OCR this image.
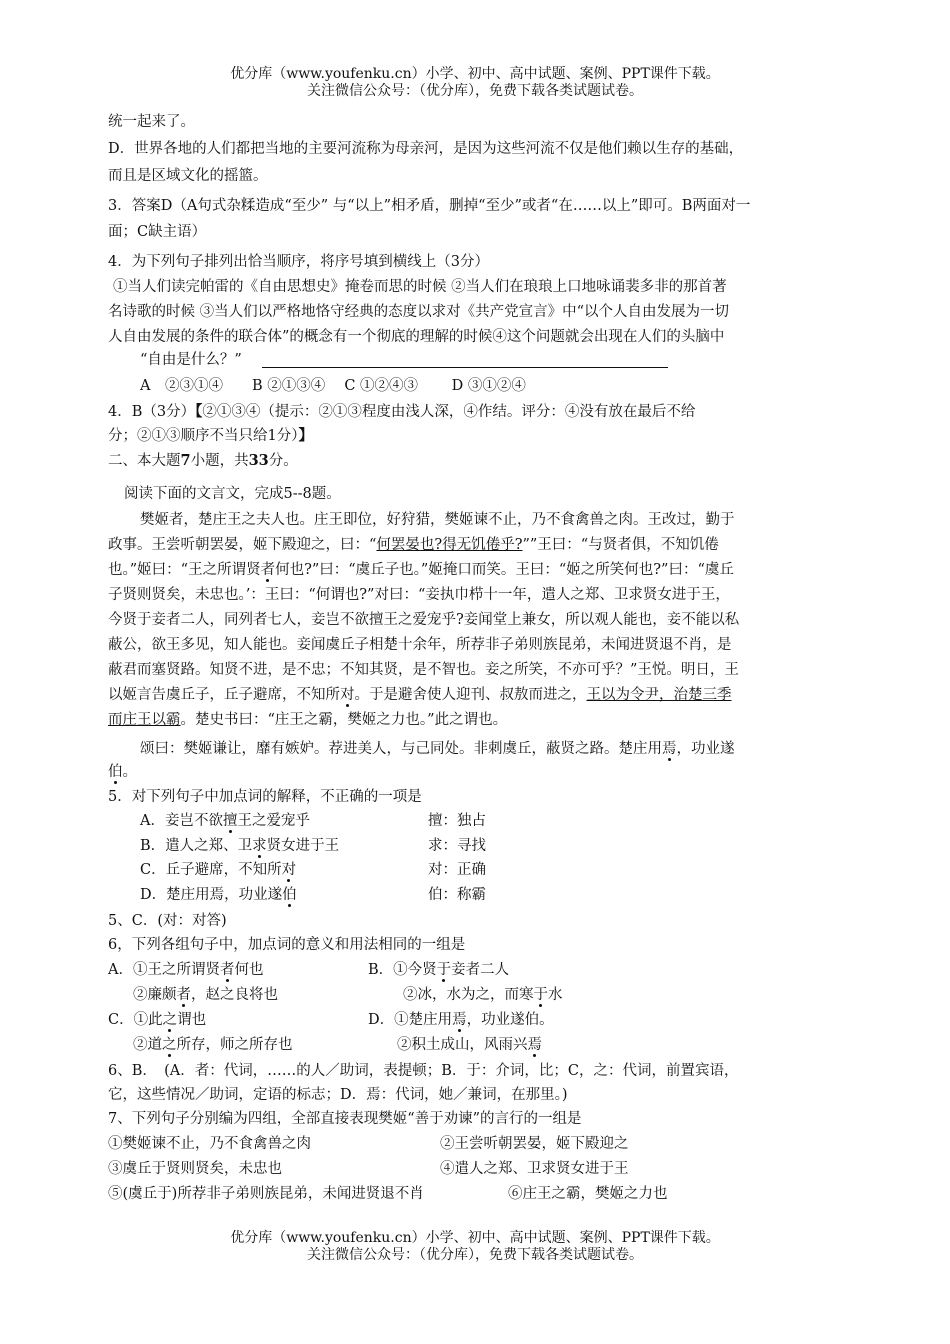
优分库（www.youfenku.cn）小学、初中、高中试题、案例、PPT课件下载。
关注微信公众号：（优分库），免费下载各类试题试卷。
统一起来了。
D．世界各地的人们都把当地的主要河流称为母亲河，是因为这些河流不仅是他们赖以生存的基础，
而且是区域文化的摇篮。
3．答案D（A句式杂糅造成“至少” 与“以上”相矛盾，删掉“至少”或者“在……以上”即可。B两面对一
面；C缺主语）
4．为下列句子排列出恰当顺序，将序号填到横线上（3分）
①当人们读完帕雷的《自由思想史》掩卷而思的时候 ②当人们在琅琅上口地咏诵裴多非的那首著
名诗歌的时候 ③当人们以严格地恪守经典的态度以求对《共产党宣言》中“以个人自由发展为一切
人自由发展的条件的联合体”的概念有一个彻底的理解的时候④这个问题就会出现在人们的头脑中
“自由是什么？”
A　②③①④　　B ②①③④　 C ①②④③　　 D ③①②④
4．B（3分）【②①③④（提示：②①③程度由浅人深，④作结。评分：④没有放在最后不给
分；②①③顺序不当只给1分）】
二、本大题7小题，共33分。
阅读下面的文言文，完成5--8题。
樊姬者，楚庄王之夫人也。庄王即位，好狩猎，樊姬谏不止，乃不食禽兽之肉。王改过，勤于
政事。王尝听朝罢晏，姬下殿迎之，曰：“何罢晏也?得无饥倦乎?””王曰：“与贤者俱，不知饥倦
也。”姬曰：“王之所谓贤者何也?”曰：“虞丘子也。”姬掩口而笑。王曰：“姬之所笑何也?”曰：“虞丘
子贤则贤矣，未忠也。’：王曰：“何谓也?”对曰：“妾执巾栉十一年，遣人之郑、卫求贤女进于王，
今贤于妾者二人，同列者七人，妾岂不欲擅王之爱宠乎?妾闻堂上兼女，所以观人能也，妾不能以私
蔽公，欲王多见，知人能也。妾闻虞丘子相楚十余年，所荐非子弟则族昆弟，未闻进贤退不肖，是
蔽君而塞贤路。知贤不进，是不忠；不知其贤，是不智也。妾之所笑，不亦可乎？”王悦。明日，王
以姬言告虞丘子，丘子避席，不知所对。于是避舍使人迎刊、叔敖而进之，王以为令尹，治楚三季
而庄王以霸。楚史书曰：“庄王之霸，樊姬之力也。”此之谓也。
颂曰：樊姬谦让，靡有嫉妒。荐进美人，与己同处。非刺虞丘，蔽贤之路。楚庄用焉，功业遂
伯。
5．对下列句子中加点词的解释，不正确的一项是
A．妾岂不欲擅王之爱宠乎	擅：独占
B．遣人之郑、卫求贤女进于王	求：寻找
C．丘子避席，不知所对	对：正确
D．楚庄用焉，功业遂伯	伯：称霸
5、C．(对：对答)
6，下列各组句子中，加点词的意义和用法相同的一组是
A．①王之所谓贤者何也	B．①今贤于妾者二人
②廉颇者，赵之良将也	②冰，水为之，而寒于水
C．①此之谓也	D．①楚庄用焉，功业遂伯。
②道之所存，师之所存也	②积土成山，风雨兴焉
6、B．　(A．者：代词，……的人／助词，表提顿；B．于：介词，比；C，之：代词，前置宾语，
它，这些情况／助词，定语的标志；D．焉：代词，她／兼词，在那里。)
7、下列句子分别编为四组，全部直接表现樊姬“善于劝谏”的言行的一组是
①樊姬谏不止，乃不食禽兽之肉	②王尝听朝罢晏，姬下殿迎之
③虞丘于贤则贤矣，未忠也	④遣人之郑、卫求贤女进于王
⑤(虞丘于)所荐非子弟则族昆弟，未闻进贤退不肖	⑥庄王之霸，樊姬之力也
优分库（www.youfenku.cn）小学、初中、高中试题、案例、PPT课件下载。
关注微信公众号：（优分库），免费下载各类试题试卷。
